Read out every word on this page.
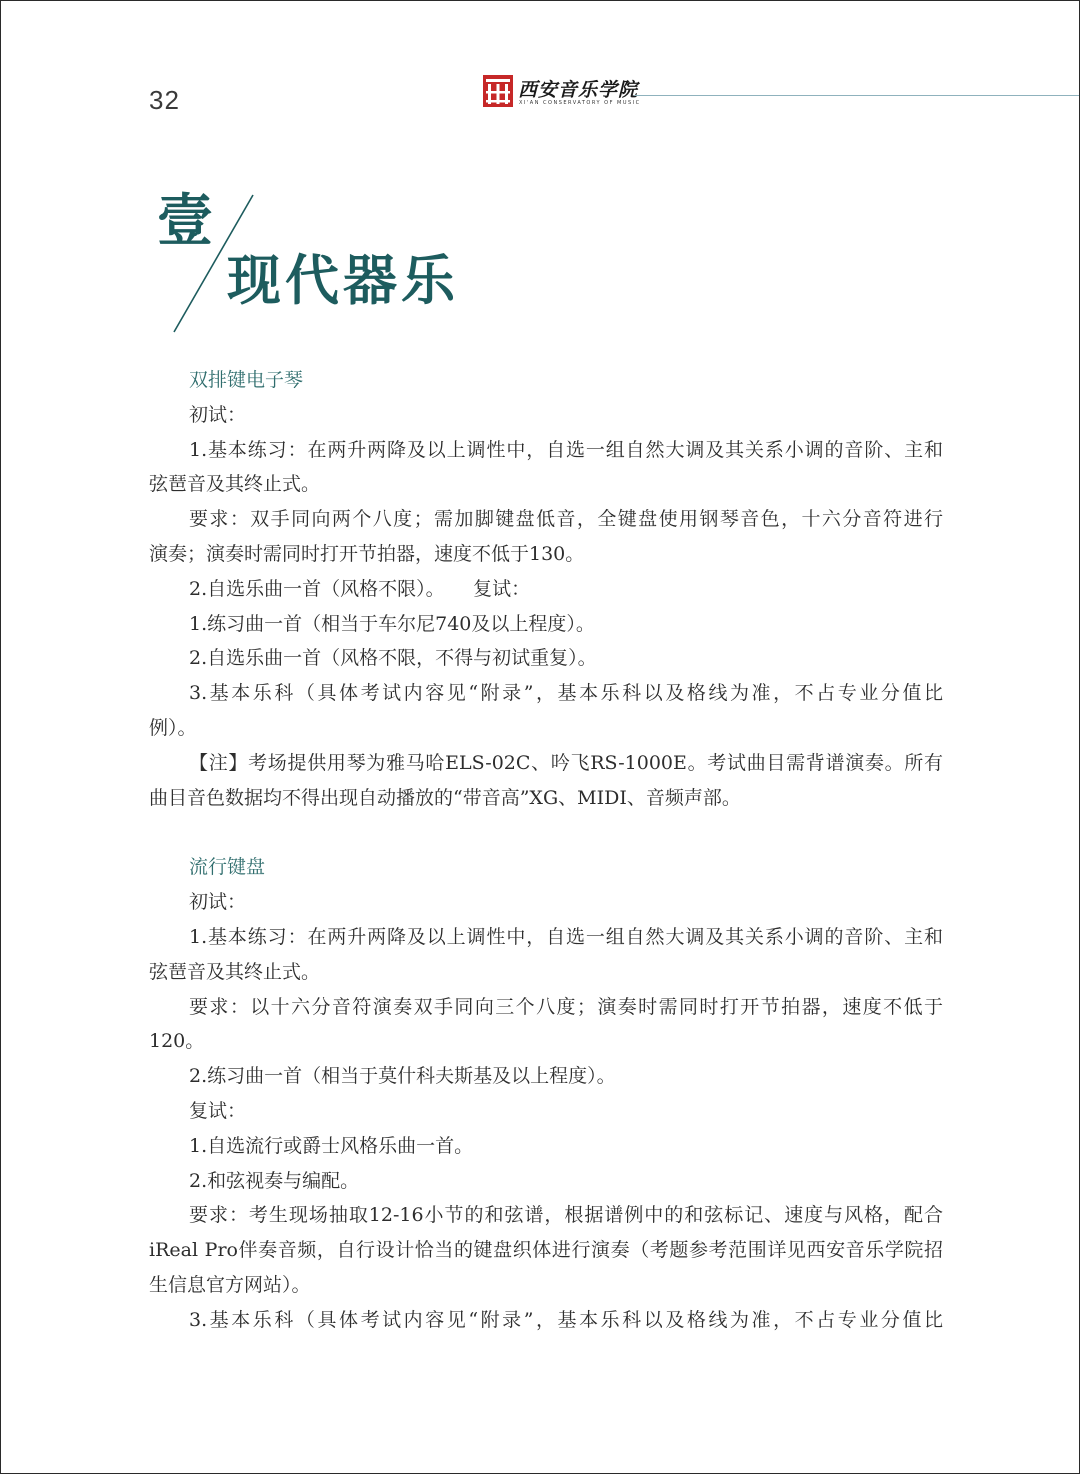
32	西安音乐学院
XI'AN CONSERVATORY OF MUSIC
壹
现代器乐
双排键电子琴
初试：
1.基本练习：在两升两降及以上调性中，自选一组自然大调及其关系小调的音阶、主和
弦琶音及其终止式。
要求：双手同向两个八度；需加脚键盘低音，全键盘使用钢琴音色，十六分音符进行
演奏；演奏时需同时打开节拍器，速度不低于130。
2.自选乐曲一首（风格不限）。　　复试：
1.练习曲一首（相当于车尔尼740及以上程度）。
2.自选乐曲一首（风格不限，不得与初试重复）。
3.基本乐科（具体考试内容见“附录”，基本乐科以及格线为准，不占专业分值比
例）。
【注】考场提供用琴为雅马哈ELS-02C、吟飞RS-1000E。考试曲目需背谱演奏。所有
曲目音色数据均不得出现自动播放的“带音高”XG、MIDI、音频声部。
流行键盘
初试：
1.基本练习：在两升两降及以上调性中，自选一组自然大调及其关系小调的音阶、主和
弦琶音及其终止式。
要求：以十六分音符演奏双手同向三个八度；演奏时需同时打开节拍器，速度不低于
120。
2.练习曲一首（相当于莫什科夫斯基及以上程度）。
复试：
1.自选流行或爵士风格乐曲一首。
2.和弦视奏与编配。
要求：考生现场抽取12-16小节的和弦谱，根据谱例中的和弦标记、速度与风格，配合
iReal Pro伴奏音频，自行设计恰当的键盘织体进行演奏（考题参考范围详见西安音乐学院招
生信息官方网站）。
3.基本乐科（具体考试内容见“附录”，基本乐科以及格线为准，不占专业分值比
